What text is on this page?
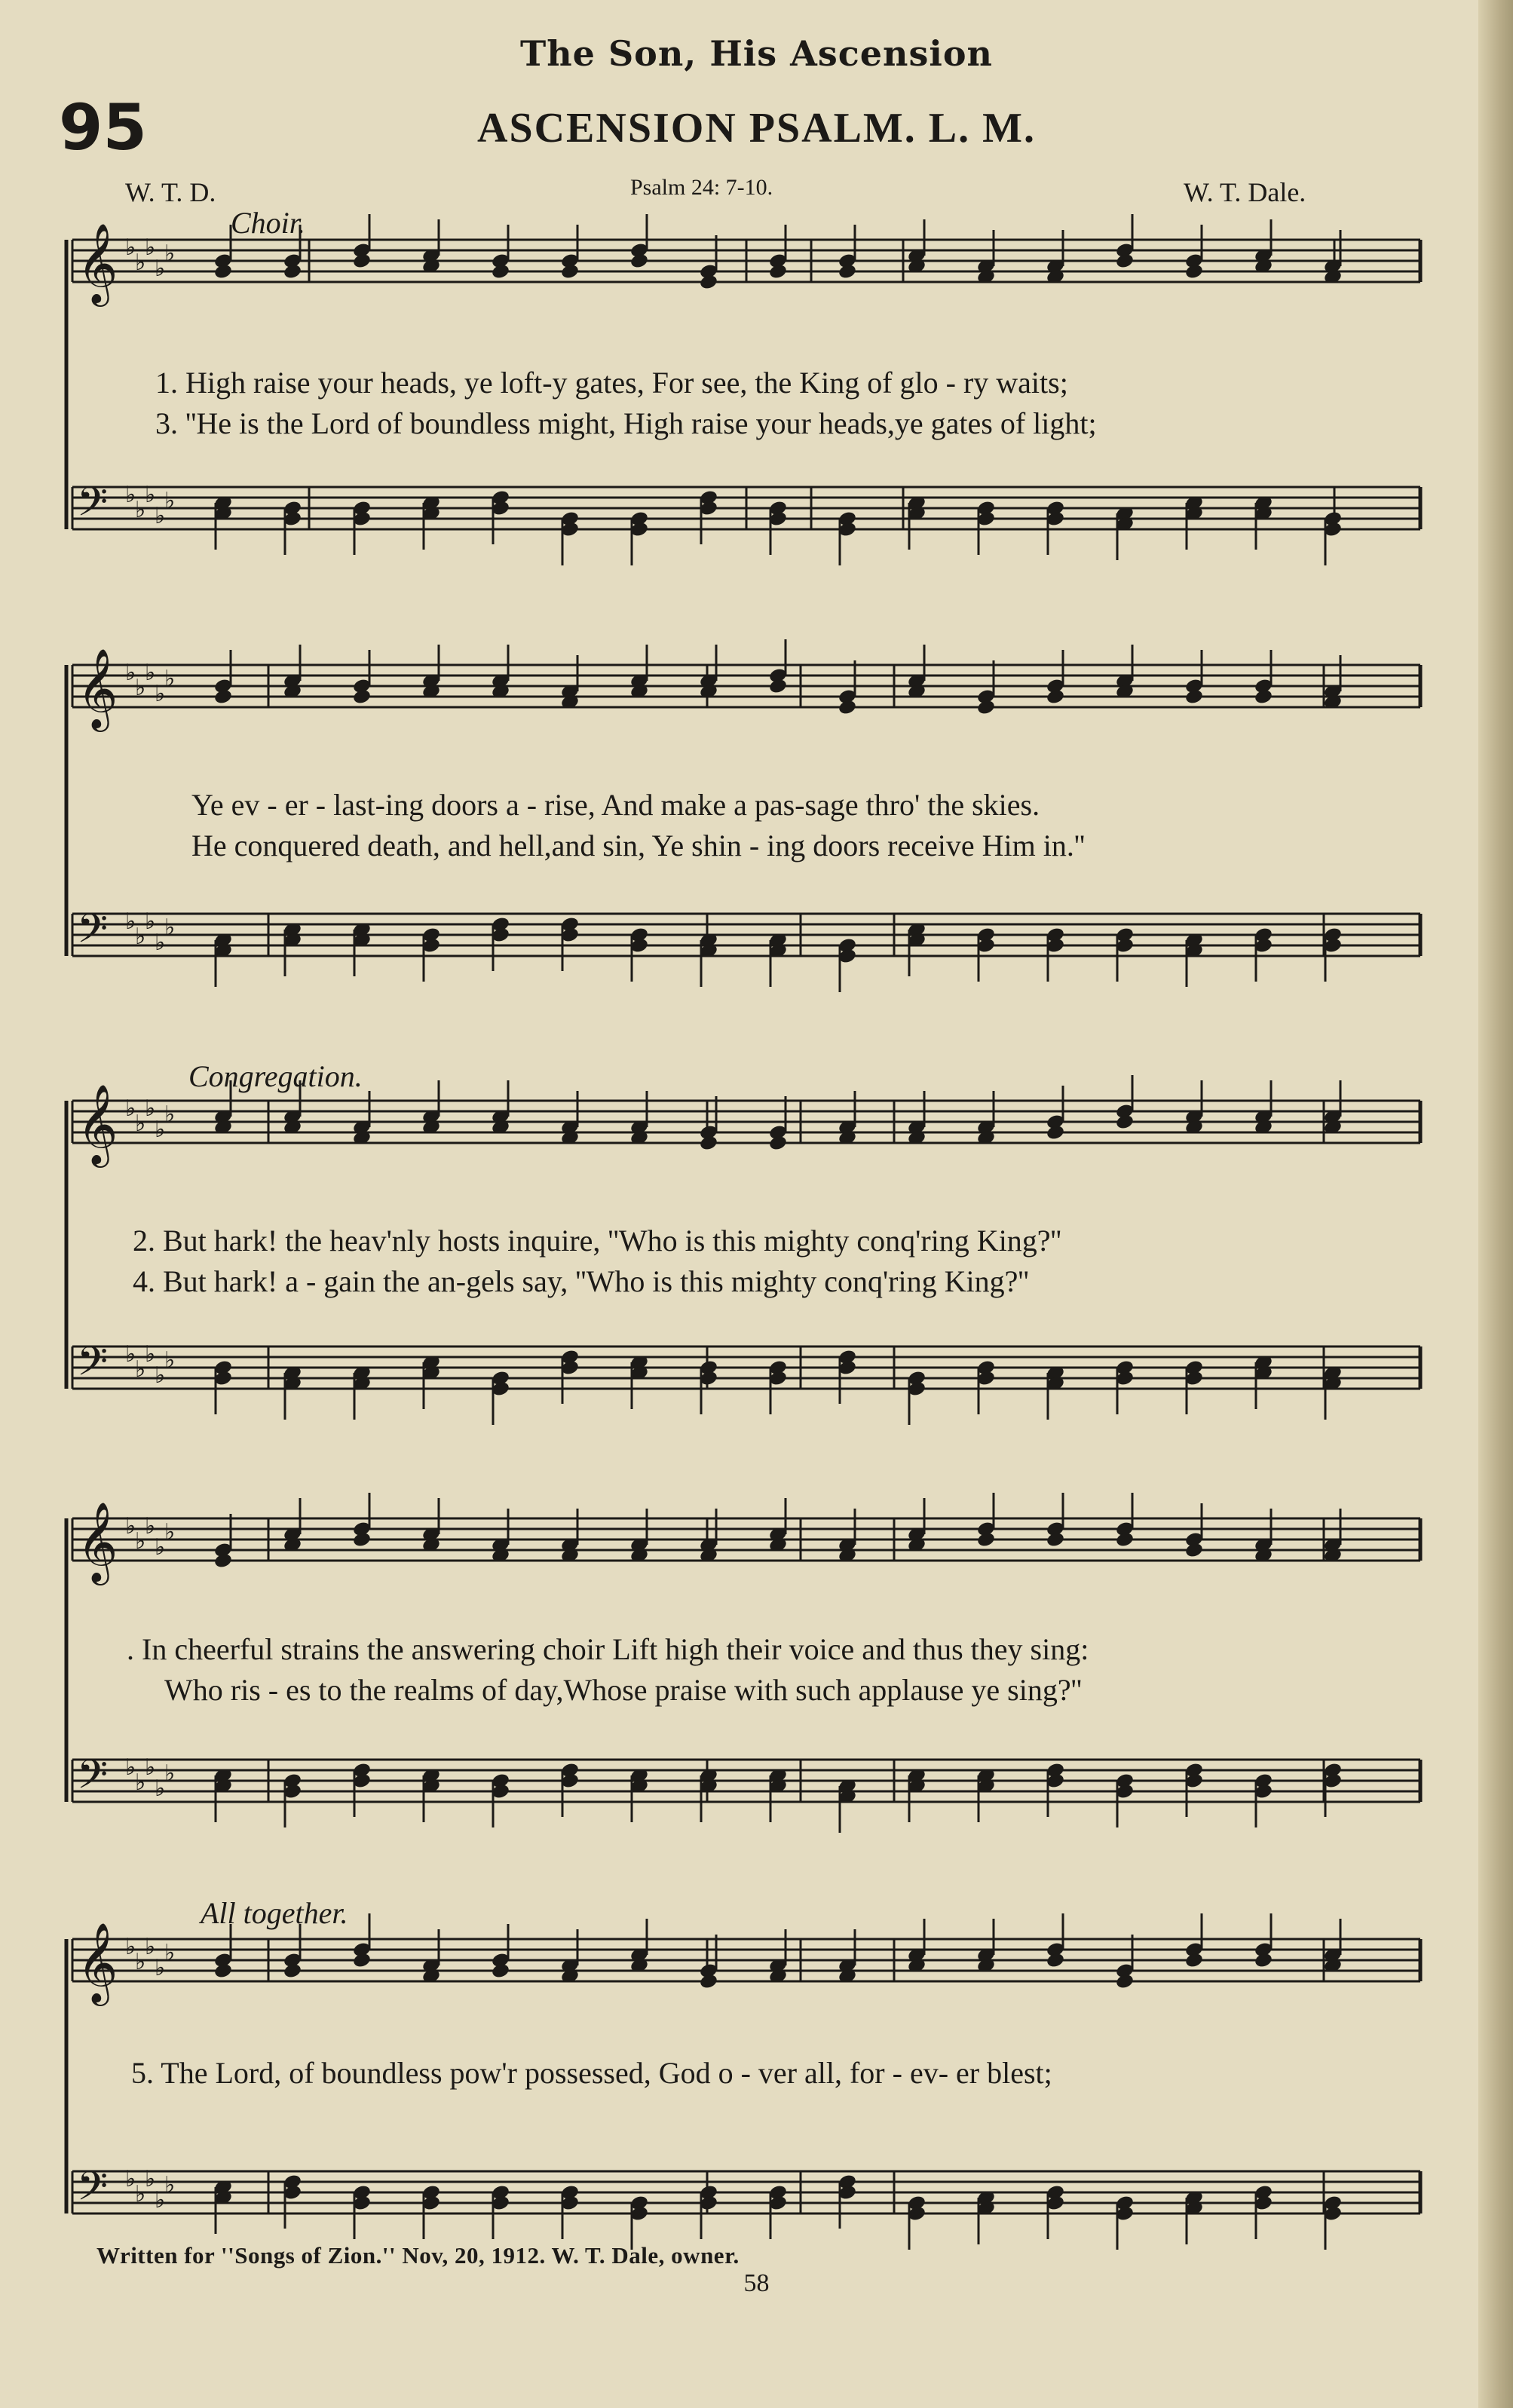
The Son, His Ascension
95	ASCENSION PSALM. L. M.
W. T. D.	Psalm 24: 7-10.	W. T. Dale.
Choir.
1. High raise your heads, ye loft-y gates, For see, the King of glo - ry waits;
3. ''He is the Lord of boundless might, High raise your heads,ye gates of light;
Ye ev - er - last-ing doors a - rise, And make a pas-sage thro' the skies.
He conquered death, and hell,and sin, Ye shin - ing doors receive Him in.''
Congregation.
2. But hark! the heav'nly hosts inquire, ''Who is this mighty conq'ring King?''
4. But hark! a - gain the an-gels say, ''Who is this mighty conq'ring King?''
. In cheerful strains the answering choir Lift high their voice and thus they sing:
Who ris - es to the realms of day,Whose praise with such applause ye sing?''
All together.
5. The Lord, of boundless pow'r possessed, God o - ver all, for - ev- er blest;
Written for ''Songs of Zion.'' Nov, 20, 1912. W. T. Dale, owner.
58
𝄞 ♭
♭
♭
♭
♭
𝄢 ♭
♭
♭
♭
♭
𝄞 ♭
♭
♭
♭
♭
𝄢 ♭
♭
♭
♭
♭
𝄞 ♭
♭
♭
♭
♭
𝄢 ♭
♭
♭
♭
♭
𝄞 ♭
♭
♭
♭
♭
𝄢 ♭
♭
♭
♭
♭
𝄞 ♭
♭
♭
♭
♭
𝄢 ♭
♭
♭
♭
♭
